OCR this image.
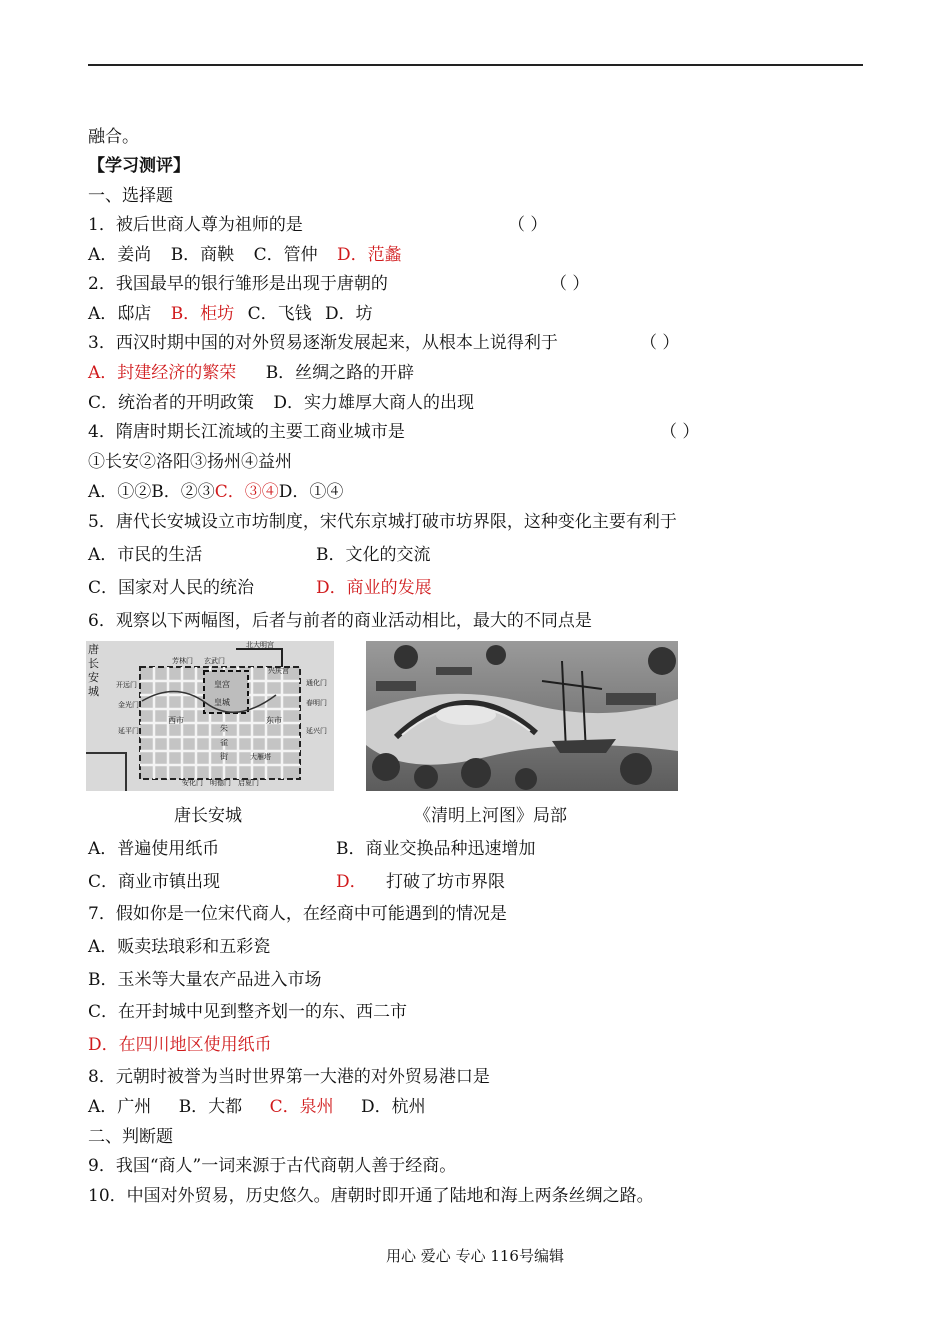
融合。
【学习测评】
一、选择题
1．被后世商人尊为祖师的是	（ ）
A．姜尚 B．商鞅 C．管仲 D．范蠡
2．我国最早的银行雏形是出现于唐朝的	（ ）
A．邸店 B．柜坊 C．飞钱 D．坊
3．西汉时期中国的对外贸易逐渐发展起来，从根本上说得利于	（ ）
A．封建经济的繁荣 B．丝绸之路的开辟
C．统治者的开明政策 D．实力雄厚大商人的出现
4．隋唐时期长江流域的主要工商业城市是	（ ）
①长安②洛阳③扬州④益州
A．①②B．②③C．③④D．①④
5．唐代长安城设立市坊制度，宋代东京城打破市坊界限，这种变化主要有利于
A．市民的生活	B．文化的交流
C．国家对人民的统治	D．商业的发展
6．观察以下两幅图，后者与前者的商业活动相比，最大的不同点是
唐
长
安
城 开远门
金光门
延平门
芳林门 玄武门
北大明宫
兴庆宫
通化门
春明门
延兴门
皇宫
皇城
西市	东市
朱
雀
街	大雁塔
安化门 明德门 启夏门
唐长安城	《清明上河图》局部
A．普遍使用纸币	B．商业交换品种迅速增加
C．商业市镇出现	D． 打破了坊市界限
7．假如你是一位宋代商人，在经商中可能遇到的情况是
A．贩卖珐琅彩和五彩瓷
B．玉米等大量农产品进入市场
C．在开封城中见到整齐划一的东、西二市
D．在四川地区使用纸币
8．元朝时被誉为当时世界第一大港的对外贸易港口是
A．广州 B．大都 C．泉州 D．杭州
二、判断题
9．我国“商人”一词来源于古代商朝人善于经商。
10．中国对外贸易，历史悠久。唐朝时即开通了陆地和海上两条丝绸之路。
用心 爱心 专心 116号编辑
